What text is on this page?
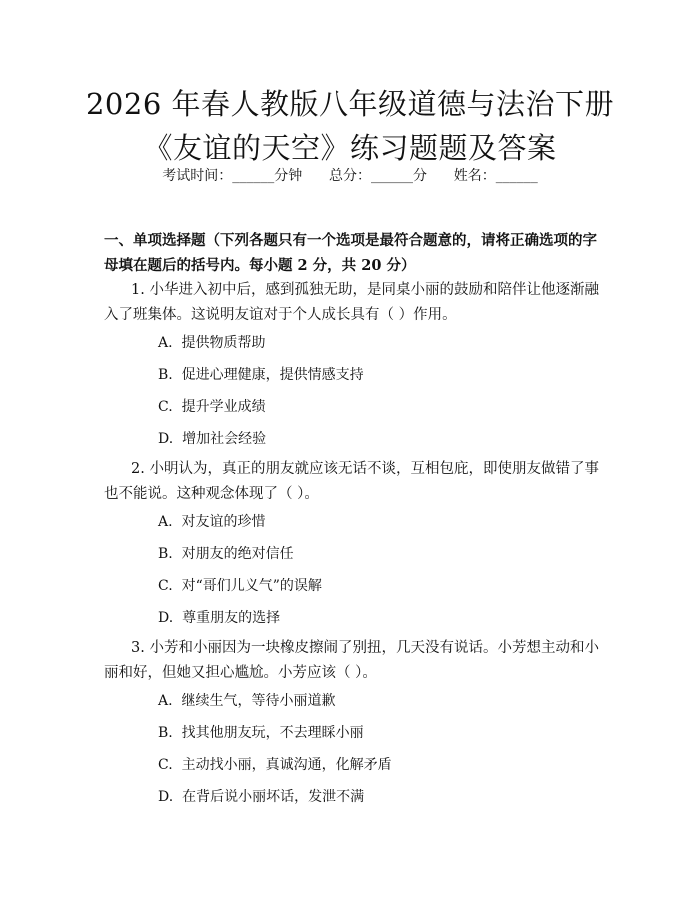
2026 年春人教版八年级道德与法治下册《友谊的天空》练习题题及答案
考试时间：______分钟      总分：______分      姓名：______
一、单项选择题（下列各题只有一个选项是最符合题意的，请将正确选项的字母填在题后的括号内。每小题 2 分，共 20 分）
1. 小华进入初中后，感到孤独无助，是同桌小丽的鼓励和陪伴让他逐渐融入了班集体。这说明友谊对于个人成长具有（ ）作用。
A.  提供物质帮助
B.  促进心理健康，提供情感支持
C.  提升学业成绩
D.  增加社会经验
2. 小明认为，真正的朋友就应该无话不谈，互相包庇，即使朋友做错了事也不能说。这种观念体现了（ ）。
A.  对友谊的珍惜
B.  对朋友的绝对信任
C.  对“哥们儿义气”的误解
D.  尊重朋友的选择
3. 小芳和小丽因为一块橡皮擦闹了别扭，几天没有说话。小芳想主动和小丽和好，但她又担心尴尬。小芳应该（ ）。
A.  继续生气，等待小丽道歉
B.  找其他朋友玩，不去理睬小丽
C.  主动找小丽，真诚沟通，化解矛盾
D.  在背后说小丽坏话，发泄不满
